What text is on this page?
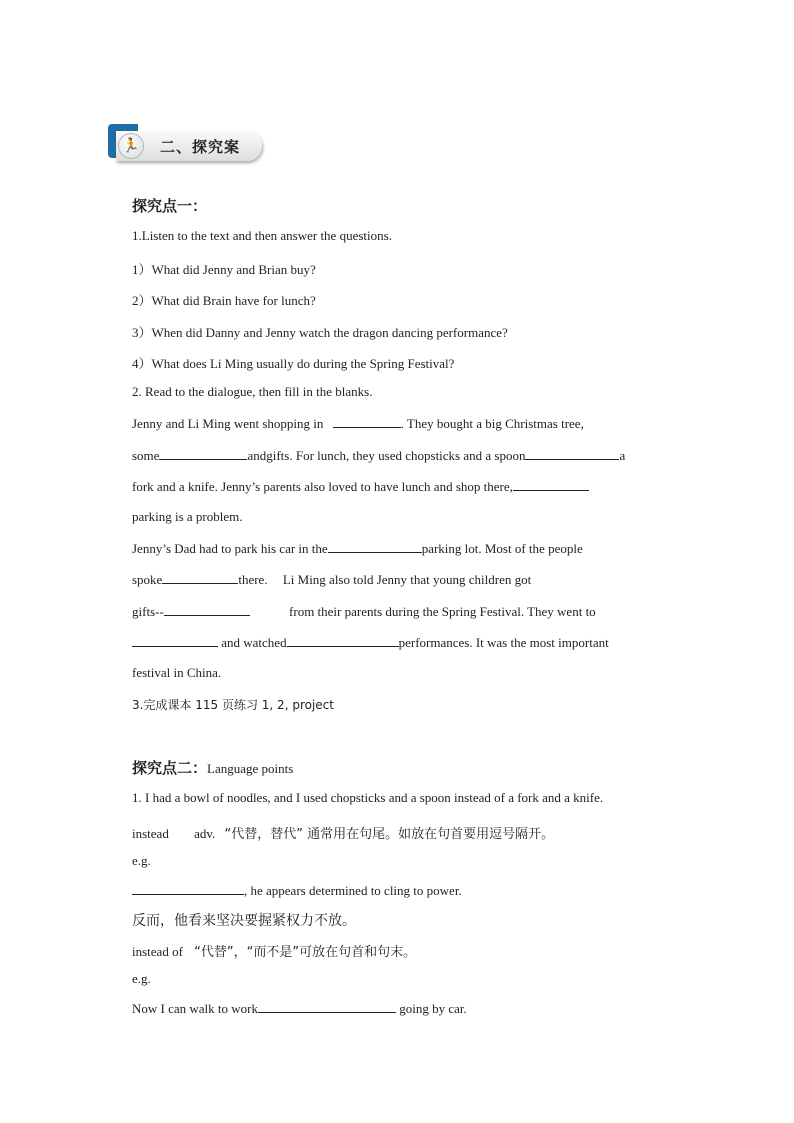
🏃 二、探究案
探究点一：
1.Listen to the text and then answer the questions.
1）What did Jenny and Brian buy?
2）What did Brain have for lunch?
3）When did Danny and Jenny watch the dragon dancing performance?
4）What does Li Ming usually do during the Spring Festival?
2. Read to the dialogue, then fill in the blanks.
Jenny and Li Ming went shopping in	. They bought a big Christmas tree,
some	andgifts. For lunch, they used chopsticks and a spoon	a
fork and a knife. Jenny’s parents also loved to have lunch and shop there,
parking is a problem.
Jenny’s Dad had to park his car in the	parking lot. Most of the people
spoke	there. Li Ming also told Jenny that young children got
gifts--	from their parents during the Spring Festival. They went to
and watched	performances. It was the most important
festival in China.
3.完成课本 115 页练习 1, 2, project
探究点二：Language points
1. I had a bowl of noodles, and I used chopsticks and a spoon instead of a fork and a knife.
instead adv. “代替，替代” 通常用在句尾。如放在句首要用逗号隔开。
e.g.
, he appears determined to cling to power.
反而，他看来坚决要握紧权力不放。
instead of “代替”，“而不是”可放在句首和句末。
e.g.
Now I can walk to work	going by car.
